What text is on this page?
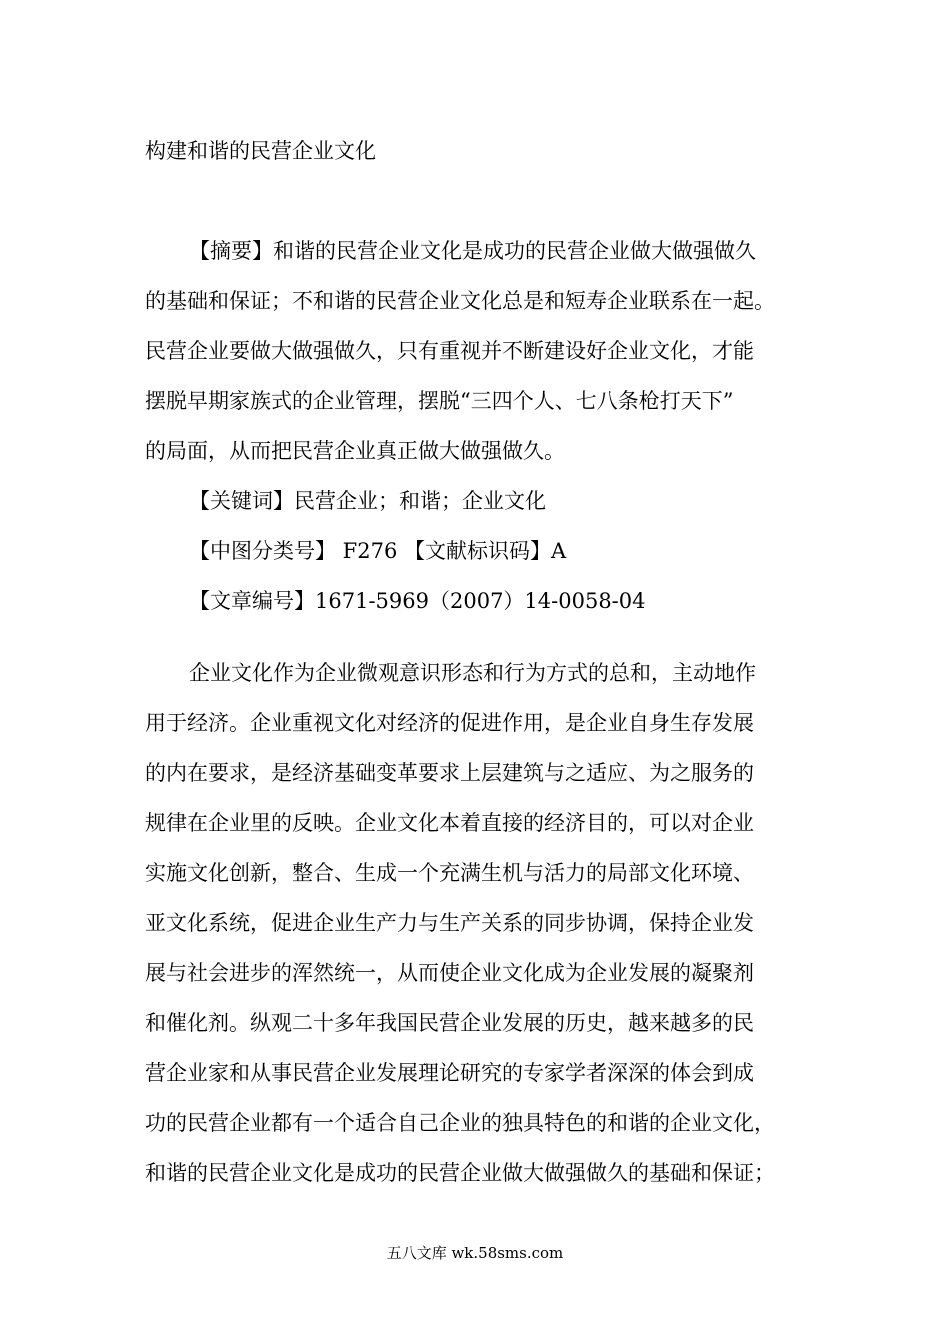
构建和谐的民营企业文化
【摘要】和谐的民营企业文化是成功的民营企业做大做强做久
的基础和保证；不和谐的民营企业文化总是和短寿企业联系在一起。
民营企业要做大做强做久，只有重视并不断建设好企业文化，才能
摆脱早期家族式的企业管理，摆脱“三四个人、七八条枪打天下”
的局面，从而把民营企业真正做大做强做久。
【关键词】民营企业；和谐；企业文化
【中图分类号】 F276 【文献标识码】A
【文章编号】1671-5969（2007）14-0058-04
企业文化作为企业微观意识形态和行为方式的总和，主动地作
用于经济。企业重视文化对经济的促进作用，是企业自身生存发展
的内在要求，是经济基础变革要求上层建筑与之适应、为之服务的
规律在企业里的反映。企业文化本着直接的经济目的，可以对企业
实施文化创新，整合、生成一个充满生机与活力的局部文化环境、
亚文化系统，促进企业生产力与生产关系的同步协调，保持企业发
展与社会进步的浑然统一，从而使企业文化成为企业发展的凝聚剂
和催化剂。纵观二十多年我国民营企业发展的历史，越来越多的民
营企业家和从事民营企业发展理论研究的专家学者深深的体会到成
功的民营企业都有一个适合自己企业的独具特色的和谐的企业文化，
和谐的民营企业文化是成功的民营企业做大做强做久的基础和保证；
五八文库 wk.58sms.com
